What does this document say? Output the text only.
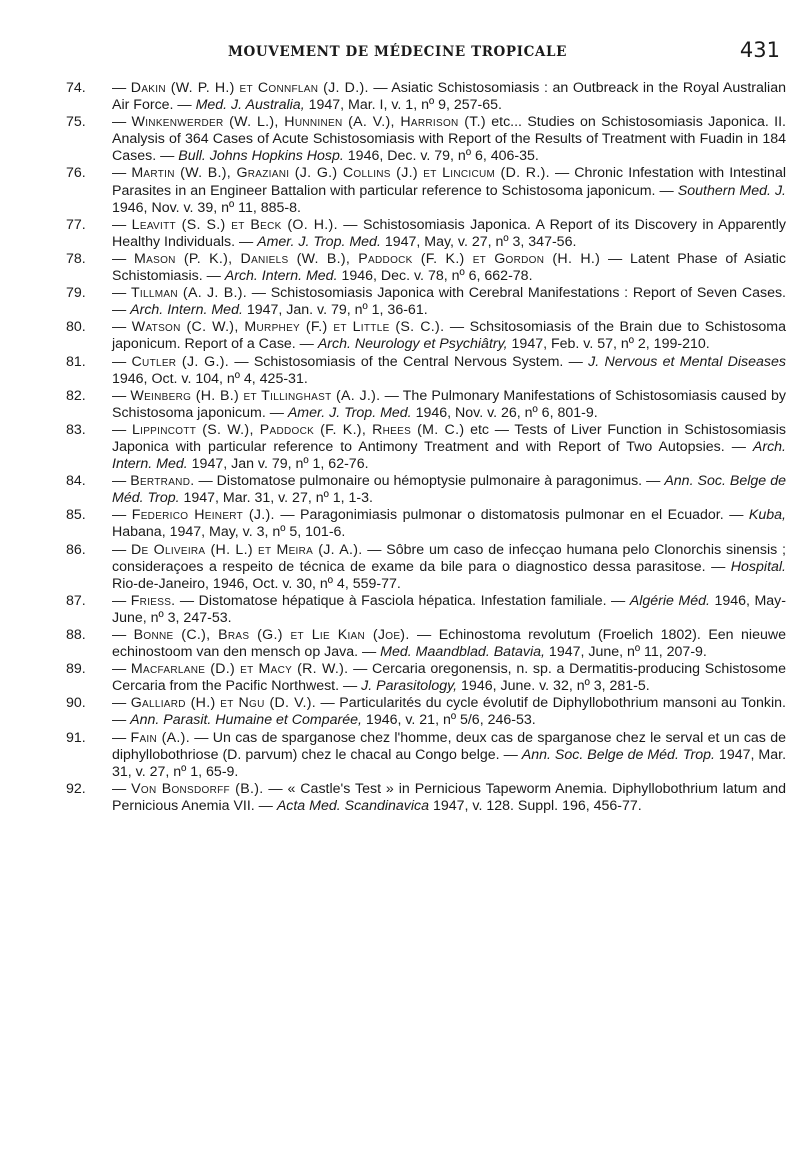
MOUVEMENT DE MÉDECINE TROPICALE	431
74. — Dakin (W. P. H.) et Connflan (J. D.). — Asiatic Schistosomiasis : an Outbreack in the Royal Australian Air Force. — Med. J. Australia, 1947, Mar. I, v. 1, nº 9, 257-65.
75. — Winkenwerder (W. L.), Hunninen (A. V.), Harrison (T.) etc... Studies on Schistosomiasis Japonica. II. Analysis of 364 Cases of Acute Schistosomiasis with Report of the Results of Treatment with Fuadin in 184 Cases. — Bull. Johns Hopkins Hosp. 1946, Dec. v. 79, nº 6, 406-35.
76. — Martin (W. B.), Graziani (J. G.) Collins (J.) et Lincicum (D. R.). — Chronic Infestation with Intestinal Parasites in an Engineer Battalion with particular reference to Schistosoma japonicum. — Southern Med. J. 1946, Nov. v. 39, nº 11, 885-8.
77. — Leavitt (S. S.) et Beck (O. H.). — Schistosomiasis Japonica. A Report of its Discovery in Apparently Healthy Individuals. — Amer. J. Trop. Med. 1947, May, v. 27, nº 3, 347-56.
78. — Mason (P. K.), Daniels (W. B.), Paddock (F. K.) et Gordon (H. H.) — Latent Phase of Asiatic Schistomiasis. — Arch. Intern. Med. 1946, Dec. v. 78, nº 6, 662-78.
79. — Tillman (A. J. B.). — Schistosomiasis Japonica with Cerebral Manifestations : Report of Seven Cases. — Arch. Intern. Med. 1947, Jan. v. 79, nº 1, 36-61.
80. — Watson (C. W.), Murphey (F.) et Little (S. C.). — Schsitosomiasis of the Brain due to Schistosoma japonicum. Report of a Case. — Arch. Neurology et Psychiâtry, 1947, Feb. v. 57, nº 2, 199-210.
81. — Cutler (J. G.). — Schistosomiasis of the Central Nervous System. — J. Nervous et Mental Diseases 1946, Oct. v. 104, nº 4, 425-31.
82. — Weinberg (H. B.) et Tillinghast (A. J.). — The Pulmonary Manifestations of Schistosomiasis caused by Schistosoma japonicum. — Amer. J. Trop. Med. 1946, Nov. v. 26, nº 6, 801-9.
83. — Lippincott (S. W.), Paddock (F. K.), Rhees (M. C.) etc — Tests of Liver Function in Schistosomiasis Japonica with particular reference to Antimony Treatment and with Report of Two Autopsies. — Arch. Intern. Med. 1947, Jan v. 79, nº 1, 62-76.
84. — Bertrand. — Distomatose pulmonaire ou hémoptysie pulmonaire à paragonimus. — Ann. Soc. Belge de Méd. Trop. 1947, Mar. 31, v. 27, nº 1, 1-3.
85. — Federico Heinert (J.). — Paragonimiasis pulmonar o distomatosis pulmonar en el Ecuador. — Kuba, Habana, 1947, May, v. 3, nº 5, 101-6.
86. — De Oliveira (H. L.) et Meira (J. A.). — Sôbre um caso de infecçao humana pelo Clonorchis sinensis ; consideraçoes a respeito de técnica de exame da bile para o diagnostico dessa parasitose. — Hospital. Rio-de-Janeiro, 1946, Oct. v. 30, nº 4, 559-77.
87. — Friess. — Distomatose hépatique à Fasciola hépatica. Infestation familiale. — Algérie Méd. 1946, May-June, nº 3, 247-53.
88. — Bonne (C.), Bras (G.) et Lie Kian (Joe). — Echinostoma revolutum (Froelich 1802). Een nieuwe echinostoom van den mensch op Java. — Med. Maandblad. Batavia, 1947, June, nº 11, 207-9.
89. — Macfarlane (D.) et Macy (R. W.). — Cercaria oregonensis, n. sp. a Dermatitis-producing Schistosome Cercaria from the Pacific Northwest. — J. Parasitology, 1946, June. v. 32, nº 3, 281-5.
90. — Galliard (H.) et Ngu (D. V.). — Particularités du cycle évolutif de Diphyllobothrium mansoni au Tonkin. — Ann. Parasit. Humaine et Comparée, 1946, v. 21, nº 5/6, 246-53.
91. — Fain (A.). — Un cas de sparganose chez l'homme, deux cas de sparganose chez le serval et un cas de diphyllobothriose (D. parvum) chez le chacal au Congo belge. — Ann. Soc. Belge de Méd. Trop. 1947, Mar. 31, v. 27, nº 1, 65-9.
92. — Von Bonsdorff (B.). — « Castle's Test » in Pernicious Tapeworm Anemia. Diphyllobothrium latum and Pernicious Anemia VII. — Acta Med. Scandinavica 1947, v. 128. Suppl. 196, 456-77.
